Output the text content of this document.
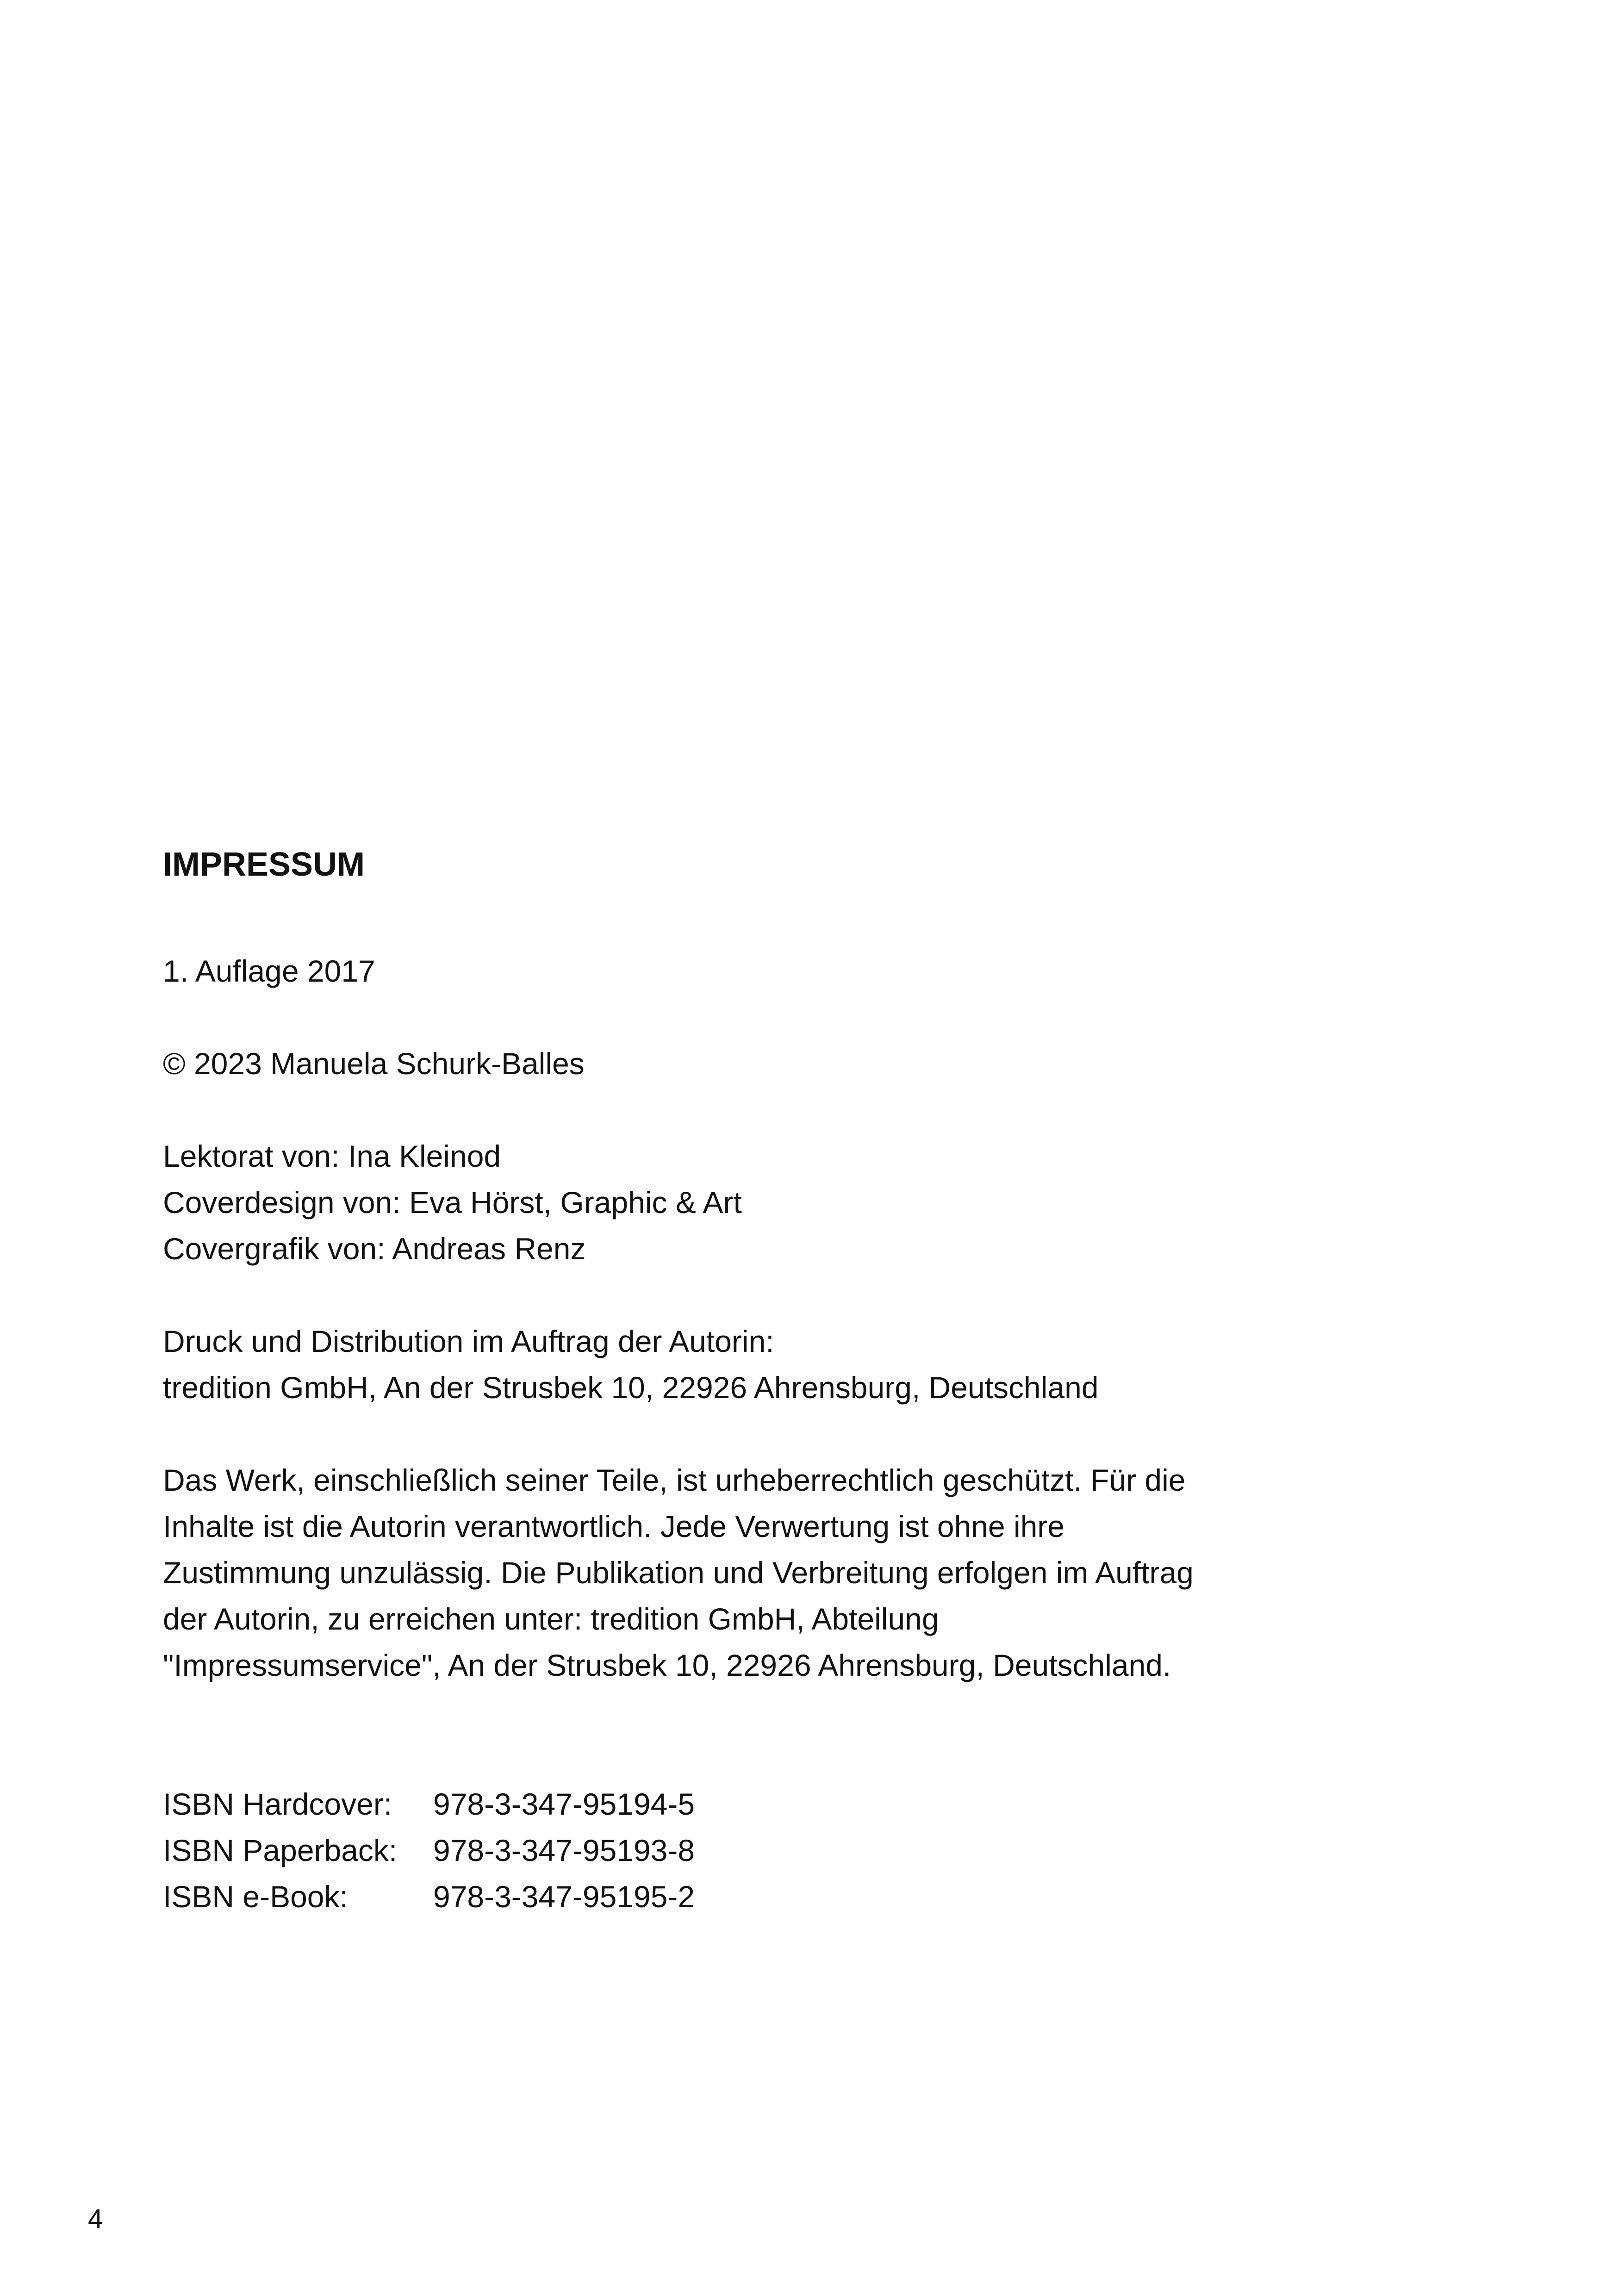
IMPRESSUM
1. Auflage 2017
© 2023 Manuela Schurk-Balles
Lektorat von: Ina Kleinod
Coverdesign von: Eva Hörst, Graphic & Art
Covergrafik von: Andreas Renz
Druck und Distribution im Auftrag der Autorin:
tredition GmbH, An der Strusbek 10, 22926 Ahrensburg, Deutschland
Das Werk, einschließlich seiner Teile, ist urheberrechtlich geschützt. Für die
Inhalte ist die Autorin verantwortlich. Jede Verwertung ist ohne ihre
Zustimmung unzulässig. Die Publikation und Verbreitung erfolgen im Auftrag
der Autorin, zu erreichen unter: tredition GmbH, Abteilung
"Impressumservice", An der Strusbek 10, 22926 Ahrensburg, Deutschland.
ISBN Hardcover:	978-3-347-95194-5
ISBN Paperback:	978-3-347-95193-8
ISBN e-Book:	978-3-347-95195-2
4
